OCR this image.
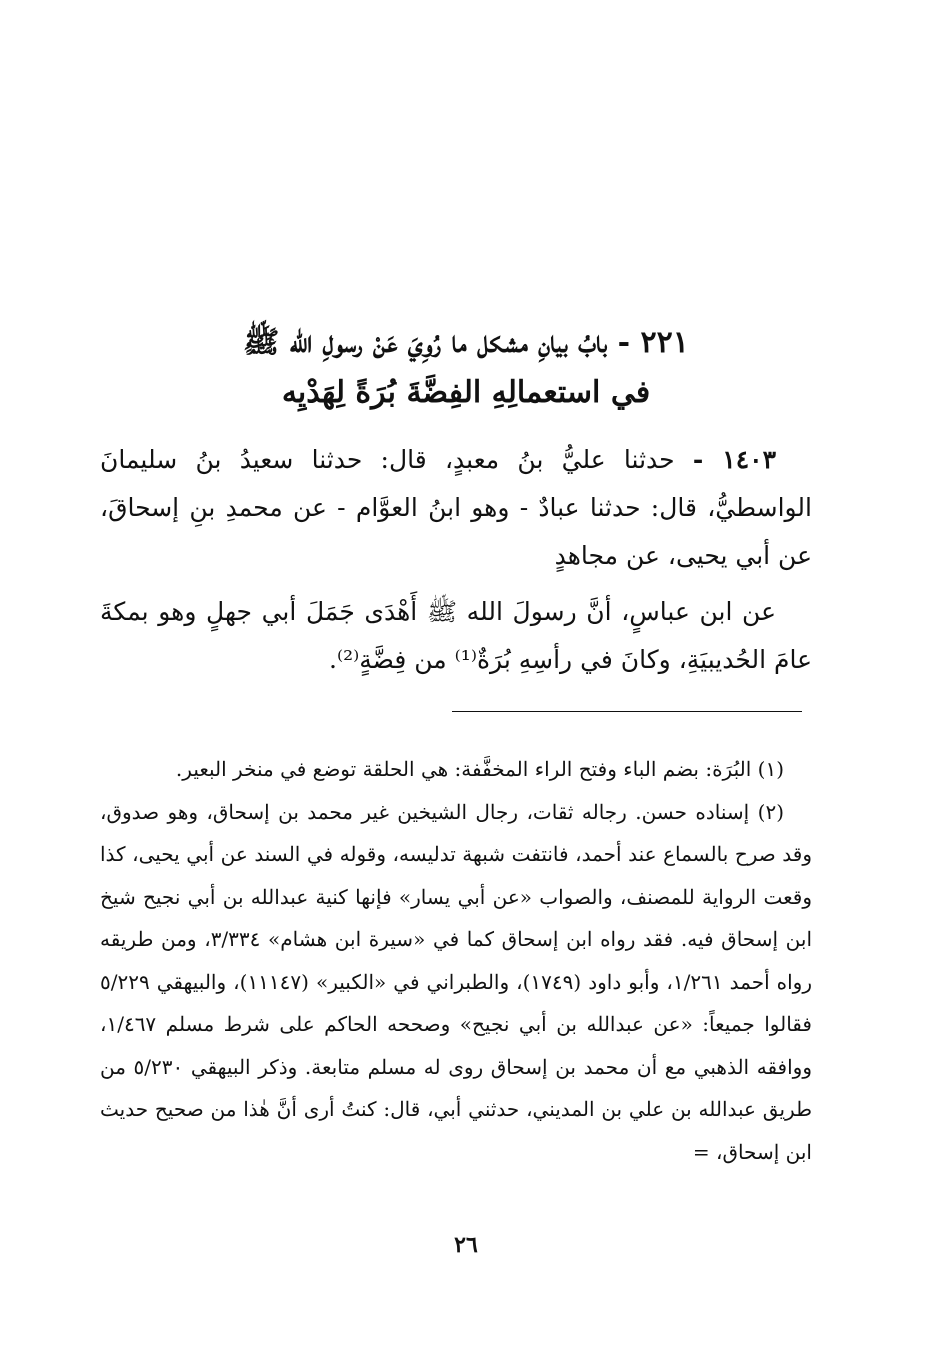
٢٢١ - بابُ بيانِ مشكل ما رُوِيَ عَنْ رسولِ الله ﷺ
في استعمالِهِ الفِضَّةَ بُرَةً لِهَدْيِه

١٤٠٣ - حدثنا عليُّ بنُ معبدٍ، قال: حدثنا سعيدُ بنُ سليمانَ الواسطيُّ، قال: حدثنا عبادٌ - وهو ابنُ العوَّام - عن محمدِ بنِ إسحاقَ، عن أبي يحيى، عن مجاهدٍ

عن ابن عباسٍ، أنَّ رسولَ الله ﷺ أَهْدَى جَمَلَ أبي جهلٍ وهو بمكةَ عامَ الحُديبيَةِ، وكانَ في رأسِهِ بُرَةٌ⁽¹⁾ من فِضَّةٍ⁽²⁾.

(١) البُرَة: بضم الباء وفتح الراء المخفَّفة: هي الحلقة توضع في منخر البعير.

(٢) إسناده حسن. رجاله ثقات، رجال الشيخين غير محمد بن إسحاق، وهو صدوق، وقد صرح بالسماع عند أحمد، فانتفت شبهة تدليسه، وقوله في السند عن أبي يحيى، كذا وقعت الرواية للمصنف، والصواب «عن أبي يسار» فإنها كنية عبدالله بن أبي نجيح شيخ ابن إسحاق فيه. فقد رواه ابن إسحاق كما في «سيرة ابن هشام» ٣/٣٣٤، ومن طريقه رواه أحمد ١/٢٦١، وأبو داود (١٧٤٩)، والطبراني في «الكبير» (١١١٤٧)، والبيهقي ٥/٢٢٩ فقالوا جميعاً: «عن عبدالله بن أبي نجيح» وصححه الحاكم على شرط مسلم ١/٤٦٧، ووافقه الذهبي مع أن محمد بن إسحاق روى له مسلم متابعة. وذكر البيهقي ٥/٢٣٠ من طريق عبدالله بن علي بن المديني، حدثني أبي، قال: كنتُ أرى أنَّ هٰذا من صحيح حديث ابن إسحاق، =

٢٦
